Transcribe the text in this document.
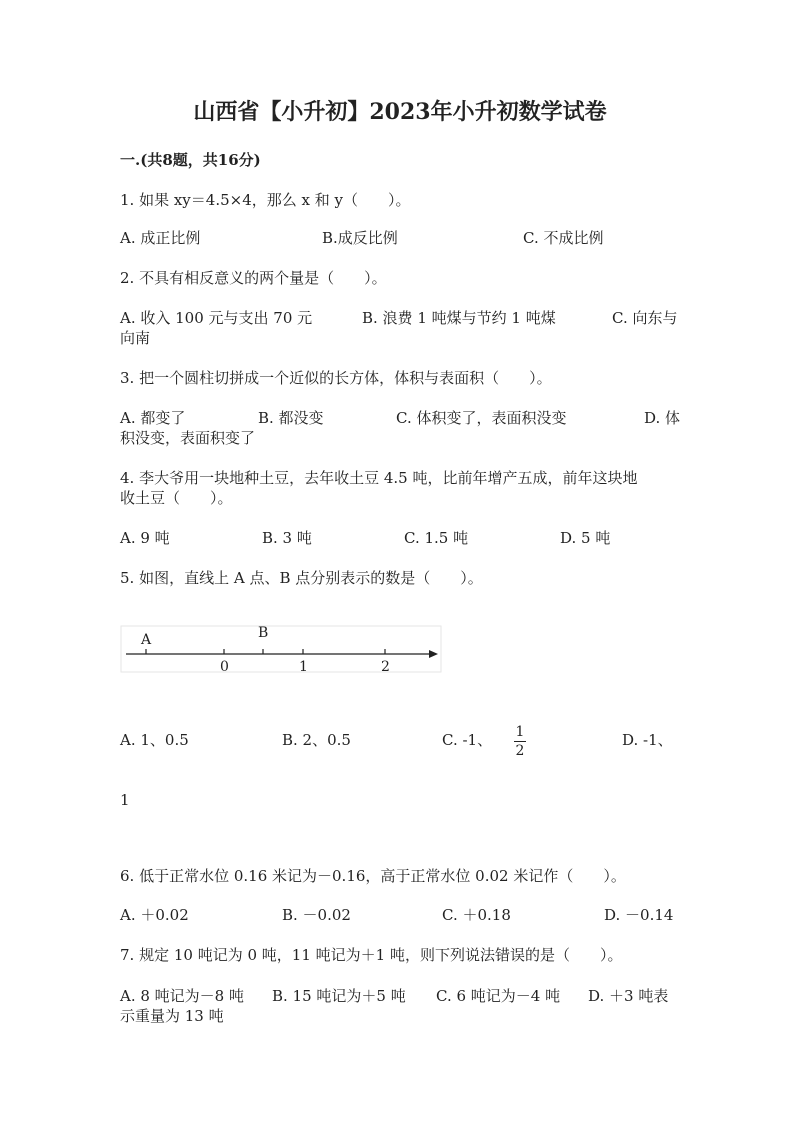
山西省【小升初】2023年小升初数学试卷
一.(共8题，共16分)
1. 如果 xy＝4.5×4，那么 x 和 y（　　）。
A. 成正比例	B.成反比例	C. 不成比例
2. 不具有相反意义的两个量是（　　）。
A. 收入 100 元与支出 70 元	B. 浪费 1 吨煤与节约 1 吨煤	C. 向东与
向南
3. 把一个圆柱切拼成一个近似的长方体，体积与表面积（　　）。
A. 都变了	B. 都没变	C. 体积变了，表面积没变	D. 体
积没变，表面积变了
4. 李大爷用一块地种土豆，去年收土豆 4.5 吨，比前年增产五成，前年这块地
收土豆（　　）。
A. 9 吨	B. 3 吨	C. 1.5 吨	D. 5 吨
5. 如图，直线上 A 点、B 点分别表示的数是（　　）。
A	B
0	1	2
A. 1、0.5	B. 2、0.5	C. -1、 1
2
D. -1、
1
6. 低于正常水位 0.16 米记为－0.16，高于正常水位 0.02 米记作（　　）。
A. ＋0.02	B. －0.02	C. ＋0.18	D. －0.14
7. 规定 10 吨记为 0 吨，11 吨记为＋1 吨，则下列说法错误的是（　　）。
A. 8 吨记为－8 吨 B. 15 吨记为＋5 吨 C. 6 吨记为－4 吨 D. ＋3 吨表
示重量为 13 吨
